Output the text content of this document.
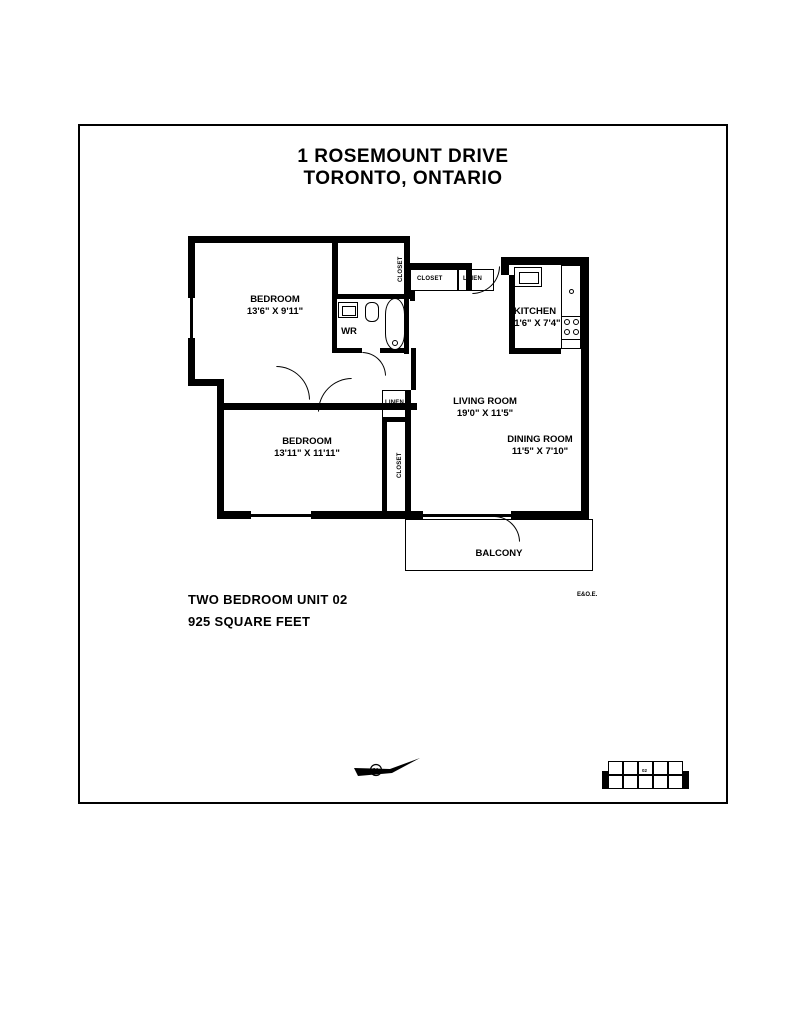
1 ROSEMOUNT DRIVE
TORONTO, ONTARIO
BEDROOM
13'6" X 9'11"
BEDROOM
13'11" X 11'11"
LIVING ROOM
19'0" X 11'5"
DINING ROOM
11'5" X 7'10"
KITCHEN
11'6" X 7'4"
WR
BALCONY
CLOSET CLOSET	LINEN
LINEN
CLOSET
TWO BEDROOM UNIT 02
925 SQUARE FEET
E&O.E.
N	02
